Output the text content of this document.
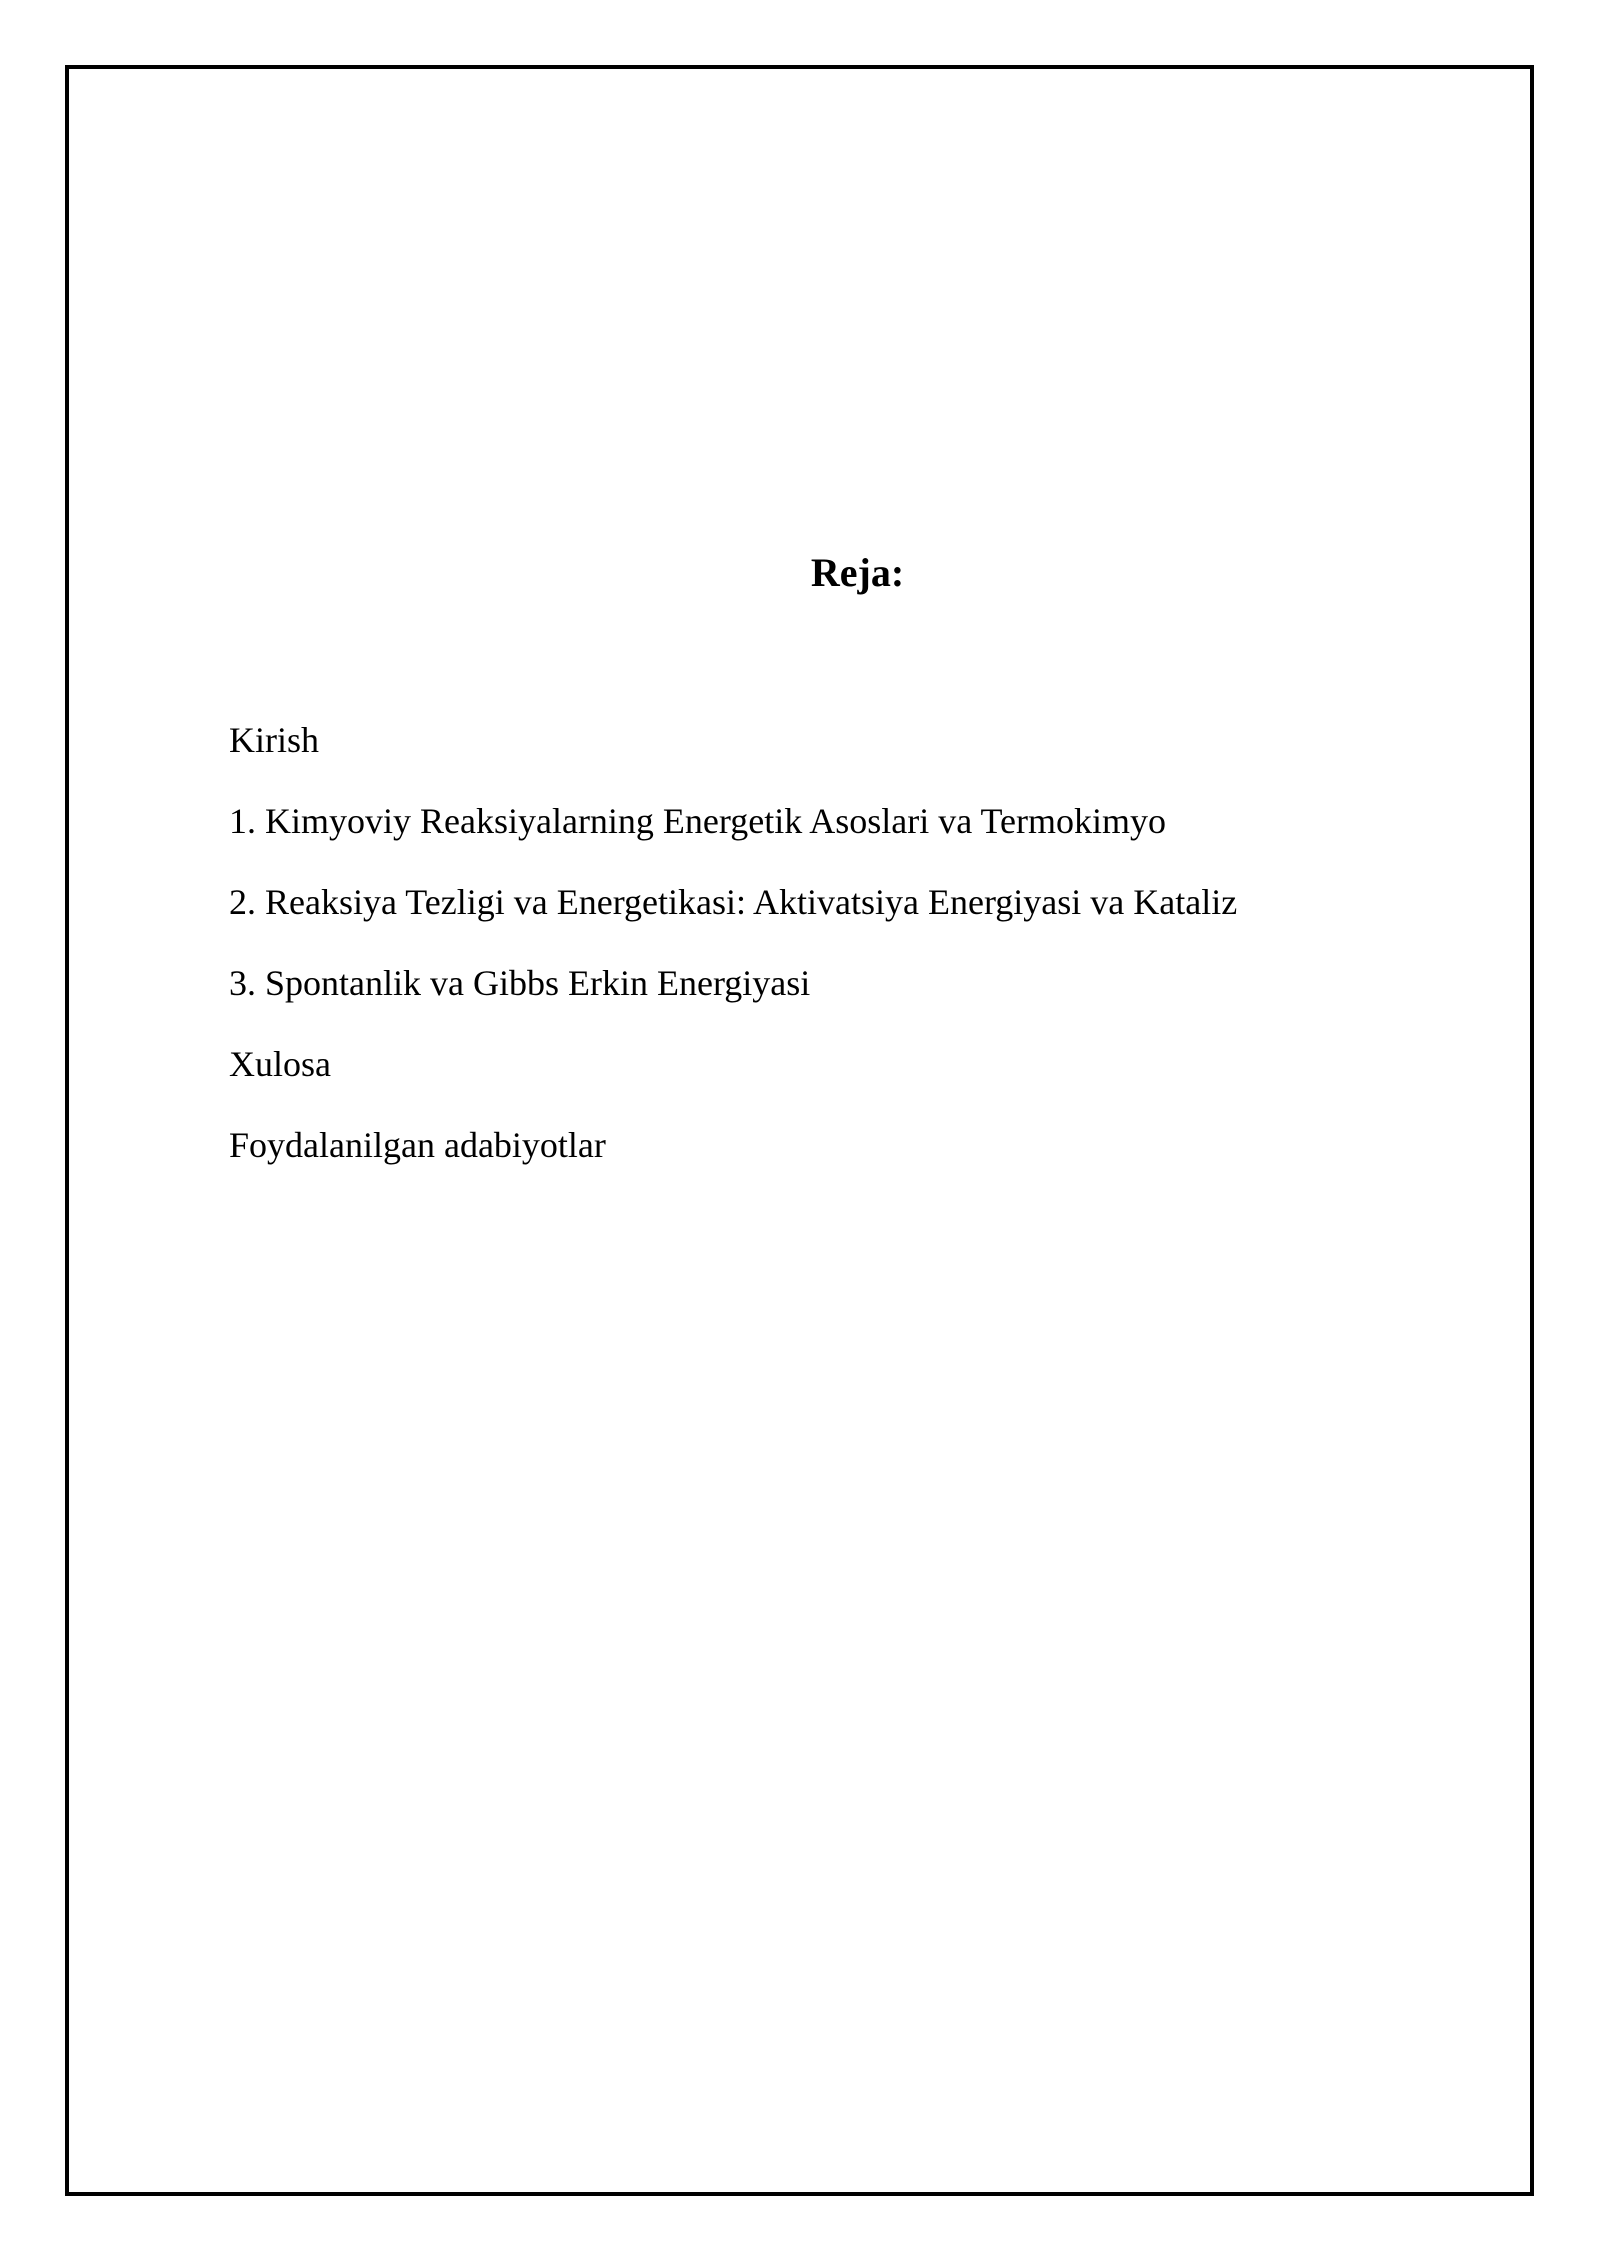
Reja:
Kirish
1. Kimyoviy Reaksiyalarning Energetik Asoslari va Termokimyo
2. Reaksiya Tezligi va Energetikasi: Aktivatsiya Energiyasi va Kataliz
3. Spontanlik va Gibbs Erkin Energiyasi
Xulosa
Foydalanilgan adabiyotlar
